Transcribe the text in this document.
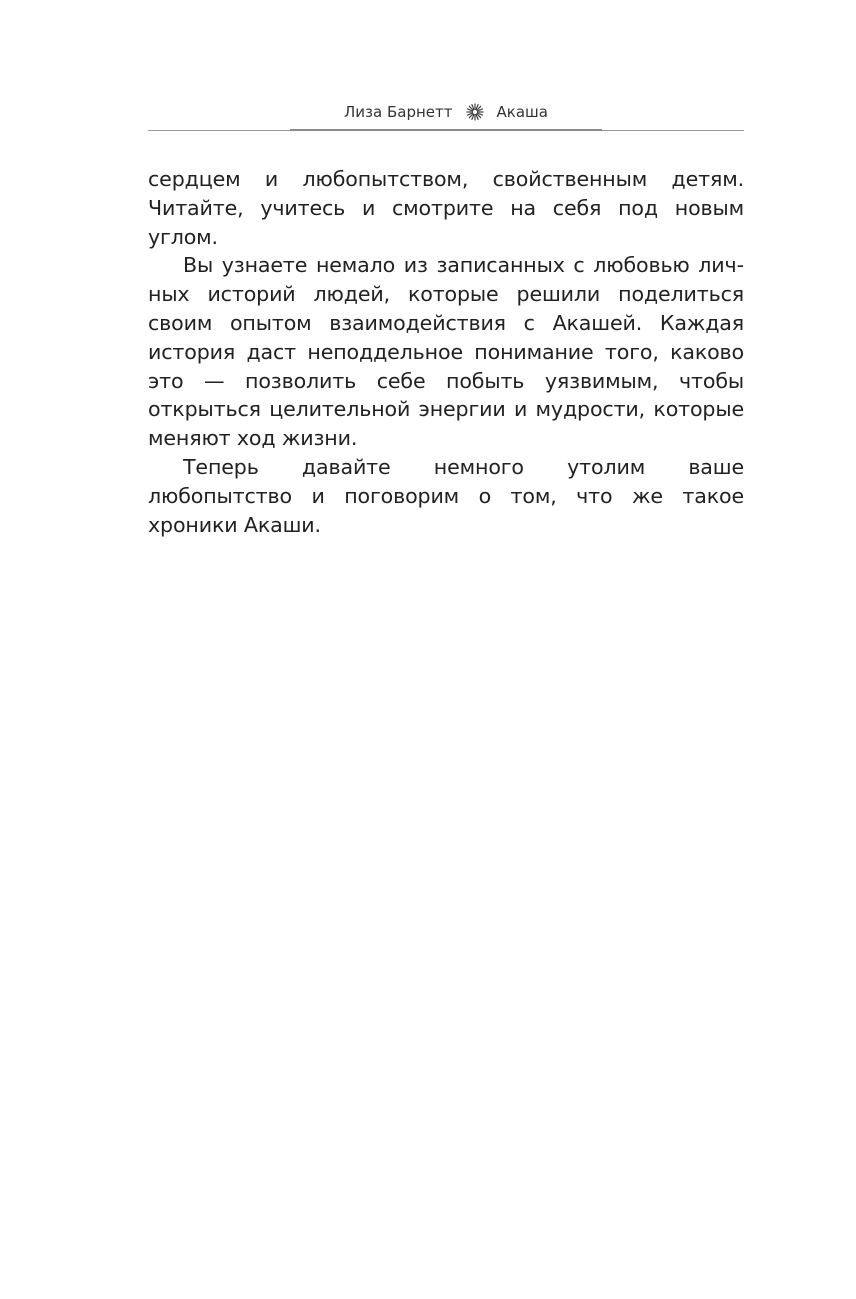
Лиза Барнетт	Акаша

сердцем и любопытством, свойственным детям. Читайте, учитесь и смотрите на себя под новым углом.

Вы узнаете немало из записанных с любовью личных историй людей, которые решили поделиться своим опытом взаимодействия с Акашей. Каждая история даст неподдельное понимание того, каково это — позволить себе побыть уязвимым, чтобы открыться целительной энергии и мудрости, которые меняют ход жизни.

Теперь давайте немного утолим ваше любопытство и поговорим о том, что же такое хроники Акаши.
